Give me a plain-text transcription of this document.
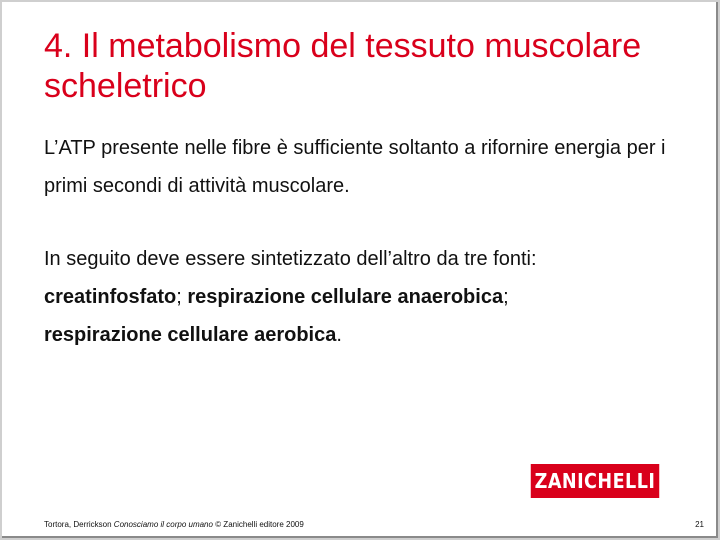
4. Il metabolismo del tessuto muscolare scheletrico
L’ATP presente nelle fibre è sufficiente soltanto a rifornire energia per i primi secondi di attività muscolare.
In seguito deve essere sintetizzato dell’altro da tre fonti:
creatinfosfato; respirazione cellulare anaerobica;
respirazione cellulare aerobica.
ZANICHELLI
Tortora, Derrickson Conosciamo il corpo umano © Zanichelli editore 2009	21
